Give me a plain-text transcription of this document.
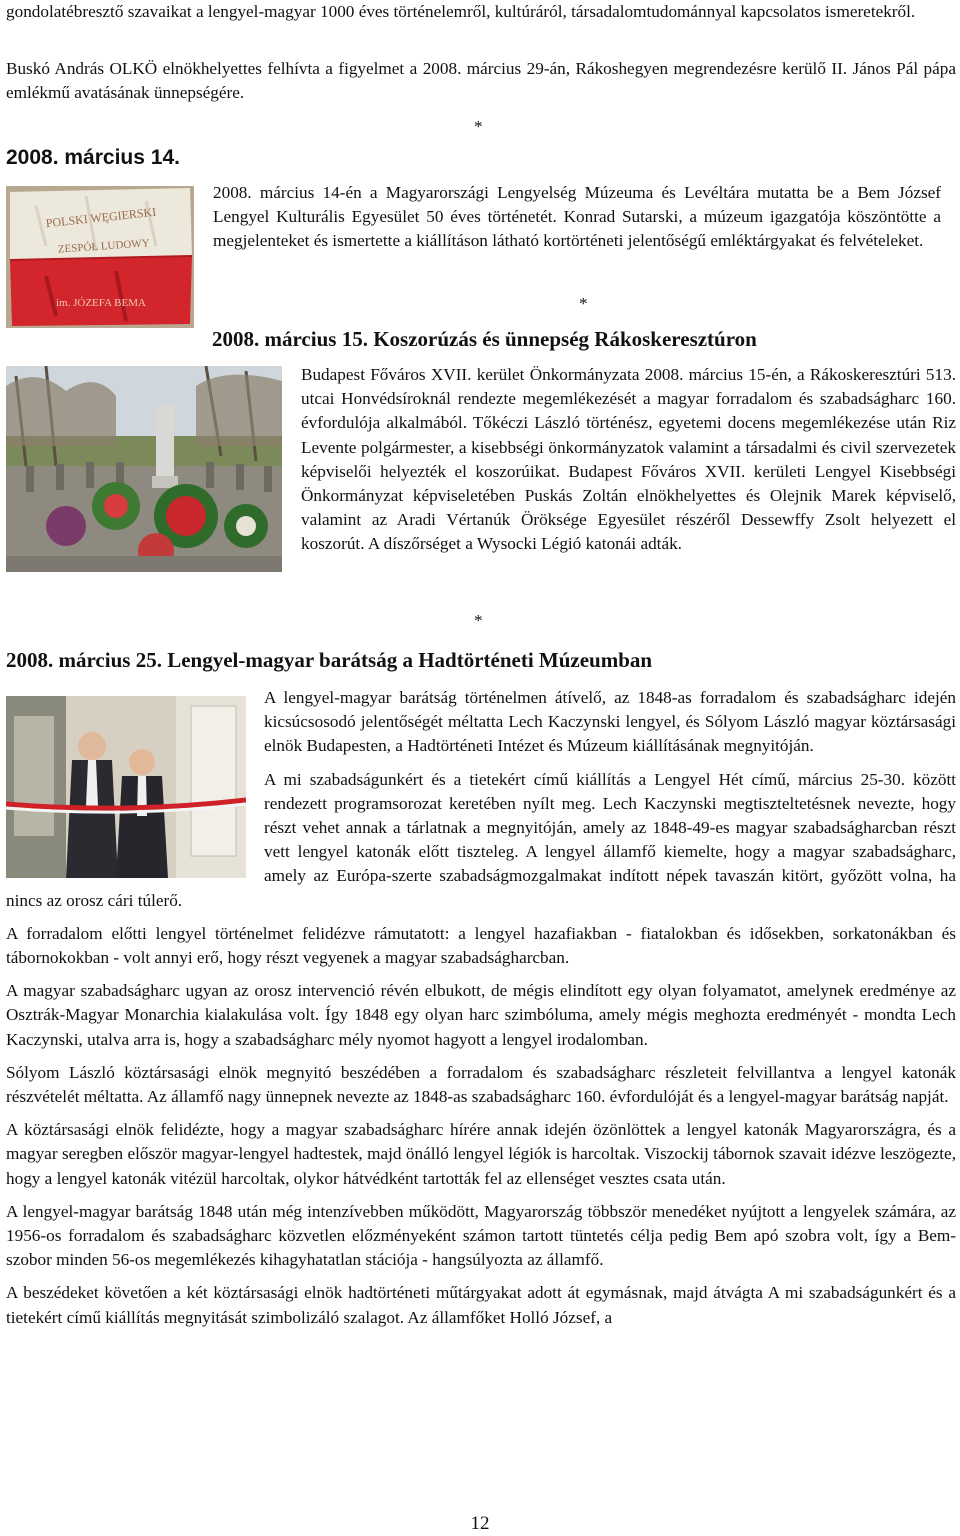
gondolatébresztő szavaikat a lengyel-magyar 1000 éves történelemről, kultúráról, társadalomtudománnyal kapcsolatos ismeretekről.

Buskó András OLKÖ elnökhelyettes felhívta a figyelmet a 2008. március 29-án, Rákoshegyen megrendezésre kerülő II. János Pál pápa emlékmű avatásának ünnepségére.

*
2008. március 14.
POLSKI WĘGIERSKI
ZESPÓŁ LUDOWY
im. JÓZEFA BEMA

2008. március 14-én a Magyarországi Lengyelség Múzeuma és Levéltára mutatta be a Bem József Lengyel Kulturális Egyesület 50 éves történetét. Konrad Sutarski, a múzeum igazgatója köszöntötte a megjelenteket és ismertette a kiállításon látható kortörténeti jelentőségű emléktárgyakat és felvételeket.

*
2008. március 15. Koszorúzás és ünnepség Rákoskeresztúron

Budapest Főváros XVII. kerület Önkormányzata 2008. március 15-én, a Rákoskeresztúri 513. utcai Honvédsíroknál rendezte megemlékezését a magyar forradalom és szabadságharc 160. évfordulója alkalmából. Tőkéczi László történész, egyetemi docens megemlékezése után Riz Levente polgármester, a kisebbségi önkormányzatok valamint a társadalmi és civil szervezetek képviselői helyezték el koszorúikat. Budapest Főváros XVII. kerületi Lengyel Kisebbségi Önkormányzat képviseletében Puskás Zoltán elnökhelyettes és Olejnik Marek képviselő, valamint az Aradi Vértanúk Öröksége Egyesület részéről Dessewffy Zsolt helyezett el koszorút. A díszőrséget a Wysocki Légió katonái adták.

*
2008. március 25. Lengyel-magyar barátság a Hadtörténeti Múzeumban

A lengyel-magyar barátság történelmen átívelő, az 1848-as forradalom és szabadságharc idején kicsúcsosodó jelentőségét méltatta Lech Kaczynski lengyel, és Sólyom László magyar köztársasági elnök Budapesten, a Hadtörténeti Intézet és Múzeum kiállításának megnyitóján.

A mi szabadságunkért és a tietekért című kiállítás a Lengyel Hét című, március 25-30. között rendezett programsorozat keretében nyílt meg. Lech Kaczynski megtiszteltetésnek nevezte, hogy részt vehet annak a tárlatnak a megnyitóján, amely az 1848-49-es magyar szabadságharcban részt vett lengyel katonák előtt tiszteleg. A lengyel államfő kiemelte, hogy a magyar szabadságharc, amely az Európa-szerte szabadságmozgalmakat indított népek tavaszán kitört, győzött volna, ha nincs az orosz cári túlerő.

A forradalom előtti lengyel történelmet felidézve rámutatott: a lengyel hazafiakban - fiatalokban és idősekben, sorkatonákban és tábornokokban - volt annyi erő, hogy részt vegyenek a magyar szabadságharcban.

A magyar szabadságharc ugyan az orosz intervenció révén elbukott, de mégis elindított egy olyan folyamatot, amelynek eredménye az Osztrák-Magyar Monarchia kialakulása volt. Így 1848 egy olyan harc szimbóluma, amely mégis meghozta eredményét - mondta Lech Kaczynski, utalva arra is, hogy a szabadságharc mély nyomot hagyott a lengyel irodalomban.

Sólyom László köztársasági elnök megnyitó beszédében a forradalom és szabadságharc részleteit felvillantva a lengyel katonák részvételét méltatta. Az államfő nagy ünnepnek nevezte az 1848-as szabadságharc 160. évfordulóját és a lengyel-magyar barátság napját.

A köztársasági elnök felidézte, hogy a magyar szabadságharc hírére annak idején özönlöttek a lengyel katonák Magyarországra, és a magyar seregben először magyar-lengyel hadtestek, majd önálló lengyel légiók is harcoltak. Viszockij tábornok szavait idézve leszögezte, hogy a lengyel katonák vitézül harcoltak, olykor hátvédként tartották fel az ellenséget vesztes csata után.

A lengyel-magyar barátság 1848 után még intenzívebben működött, Magyarország többször menedéket nyújtott a lengyelek számára, az 1956-os forradalom és szabadságharc közvetlen előzményeként számon tartott tüntetés célja pedig Bem apó szobra volt, így a Bem-szobor minden 56-os megemlékezés kihagyhatatlan stációja - hangsúlyozta az államfő.

A beszédeket követően a két köztársasági elnök hadtörténeti műtárgyakat adott át egymásnak, majd átvágta A mi szabadságunkért és a tietekért című kiállítás megnyitását szimbolizáló szalagot. Az államfőket Holló József, a

12
